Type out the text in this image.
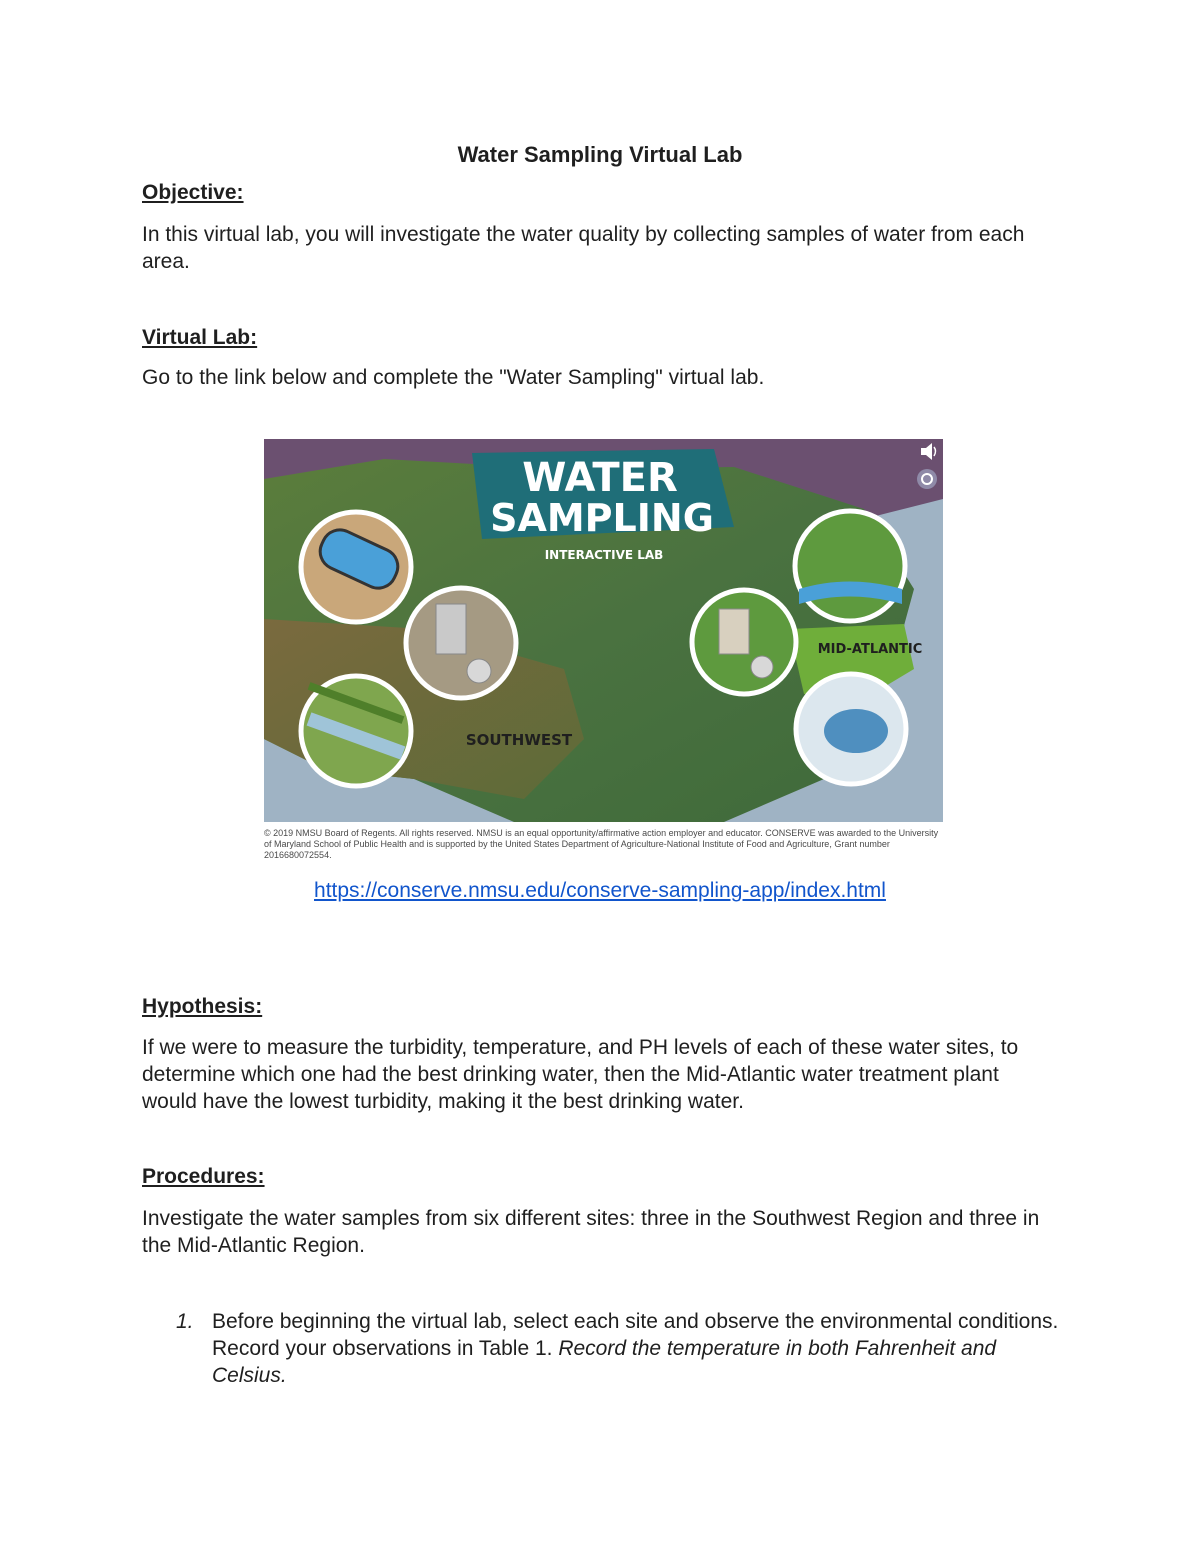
Water Sampling Virtual Lab
Objective:
In this virtual lab, you will investigate the water quality by collecting samples of water from each area.
Virtual Lab:
Go to the link below and complete the "Water Sampling" virtual lab.
WATER
SAMPLING
INTERACTIVE LAB
SOUTHWEST
MID-ATLANTIC
© 2019 NMSU Board of Regents. All rights reserved. NMSU is an equal opportunity/affirmative action employer and educator. CONSERVE was awarded to the University of Maryland School of Public Health and is supported by the United States Department of Agriculture-National Institute of Food and Agriculture, Grant number 2016680072554.
https://conserve.nmsu.edu/conserve-sampling-app/index.html
Hypothesis:
If we were to measure the turbidity, temperature, and PH levels of each of these water sites, to determine which one had the best drinking water, then the Mid-Atlantic water treatment plant would have the lowest turbidity, making it the best drinking water.
Procedures:
Investigate the water samples from six different sites: three in the Southwest Region and three in the Mid-Atlantic Region.
1. Before beginning the virtual lab, select each site and observe the environmental conditions. Record your observations in Table 1. Record the temperature in both Fahrenheit and Celsius.
